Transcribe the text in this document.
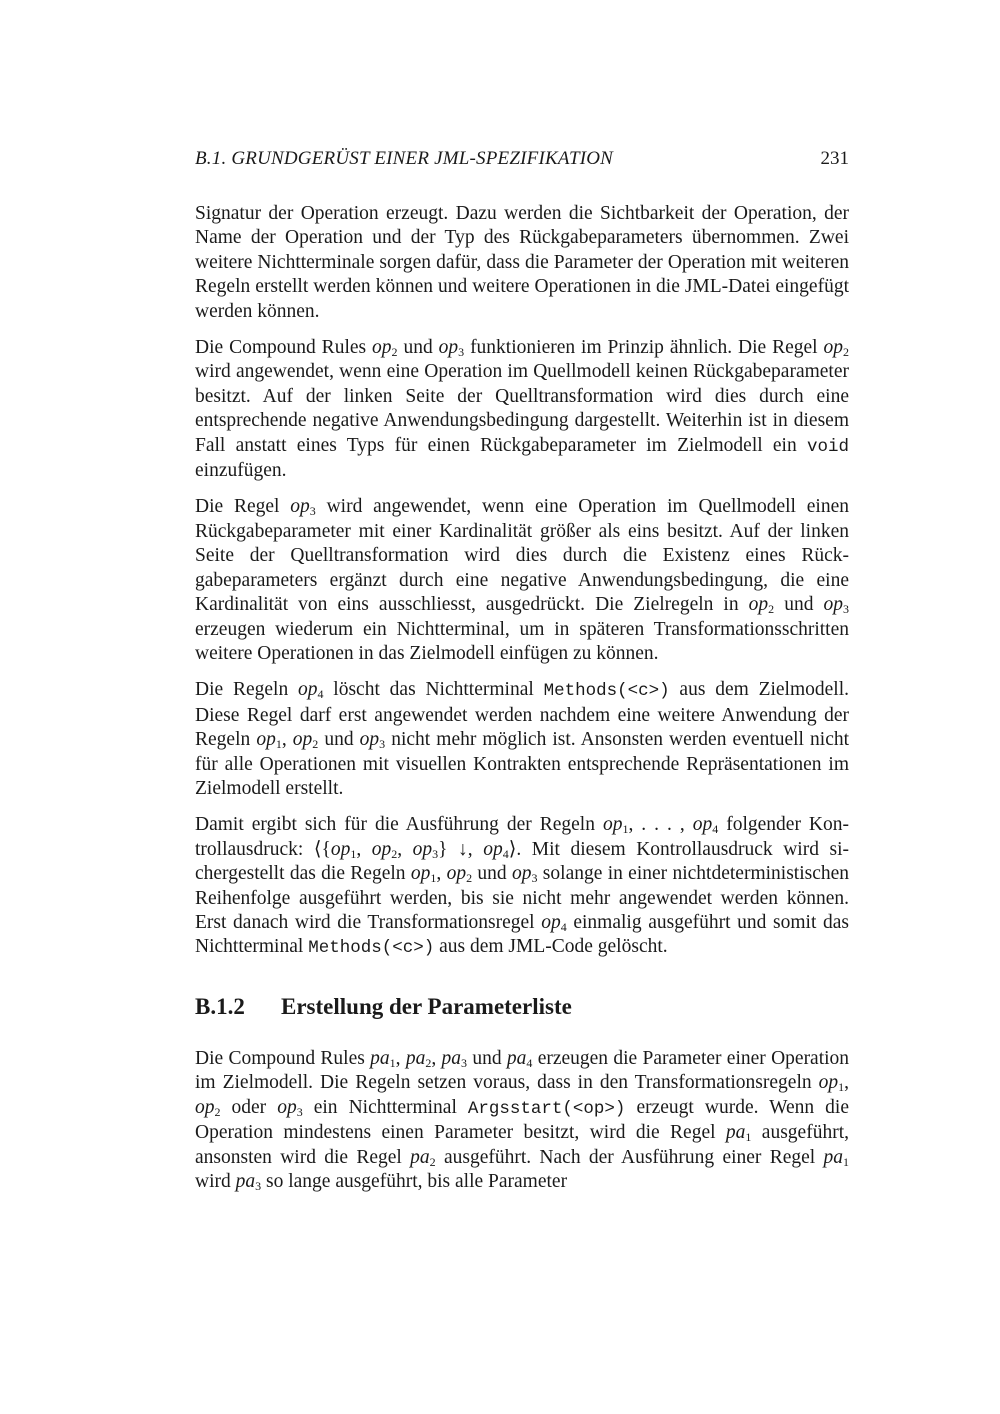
B.1. GRUNDGERÜST EINER JML-SPEZIFIKATION	231

Signatur der Operation erzeugt. Dazu werden die Sichtbarkeit der Operation, der Name der Operation und der Typ des Rückgabeparameters übernommen. Zwei weitere Nichtterminale sorgen dafür, dass die Parameter der Operation mit weiteren Regeln erstellt werden können und weitere Operationen in die JML-Datei eingefügt werden können.

Die Compound Rules $op_2$ und $op_3$ funktionieren im Prinzip ähnlich. Die Regel $op_2$ wird angewendet, wenn eine Operation im Quellmodell keinen Rückgabeparameter besitzt. Auf der linken Seite der Quelltransformation wird dies durch eine entsprechende negative Anwendungsbedingung dargestellt. Weiterhin ist in diesem Fall anstatt eines Typs für einen Rückgabeparameter im Zielmodell ein void einzufügen.

Die Regel $op_3$ wird angewendet, wenn eine Operation im Quellmodell einen Rückgabeparameter mit einer Kardinalität größer als eins besitzt. Auf der linken Seite der Quelltransformation wird dies durch die Existenz eines Rückgabeparameters ergänzt durch eine negative Anwendungsbedingung, die eine Kardinalität von eins ausschliesst, ausgedrückt. Die Zielregeln in $op_2$ und $op_3$ erzeugen wiederum ein Nichtterminal, um in späteren Transformationsschritten weitere Operationen in das Zielmodell einfügen zu können.

Die Regeln $op_4$ löscht das Nichtterminal Methods(<c>) aus dem Zielmodell. Diese Regel darf erst angewendet werden nachdem eine weitere Anwendung der Regeln $op_1$, $op_2$ und $op_3$ nicht mehr möglich ist. Ansonsten werden eventuell nicht für alle Operationen mit visuellen Kontrakten entsprechende Repräsentationen im Zielmodell erstellt.

Damit ergibt sich für die Ausführung der Regeln $op_1$, . . . , $op_4$ folgender Kontrollausdruck: $⟨\{op_1$, $op_2$, $op_3$} ↓, $op_4⟩$. Mit diesem Kontrollausdruck wird sichergestellt das die Regeln $op_1$, $op_2$ und $op_3$ solange in einer nichtdeterministischen Reihenfolge ausgeführt werden, bis sie nicht mehr angewendet werden können. Erst danach wird die Transformationsregel $op_4$ einmalig ausgeführt und somit das Nichtterminal Methods(<c>) aus dem JML-Code gelöscht.

B.1.2 Erstellung der Parameterliste

Die Compound Rules $pa_1$, $pa_2$, $pa_3$ und $pa_4$ erzeugen die Parameter einer Operation im Zielmodell. Die Regeln setzen voraus, dass in den Transformationsregeln $op_1$, $op_2$ oder $op_3$ ein Nichtterminal Argsstart(<op>) erzeugt wurde. Wenn die Operation mindestens einen Parameter besitzt, wird die Regel $pa_1$ ausgeführt, ansonsten wird die Regel $pa_2$ ausgeführt. Nach der Ausführung einer Regel $pa_1$ wird $pa_3$ so lange ausgeführt, bis alle Parameter
